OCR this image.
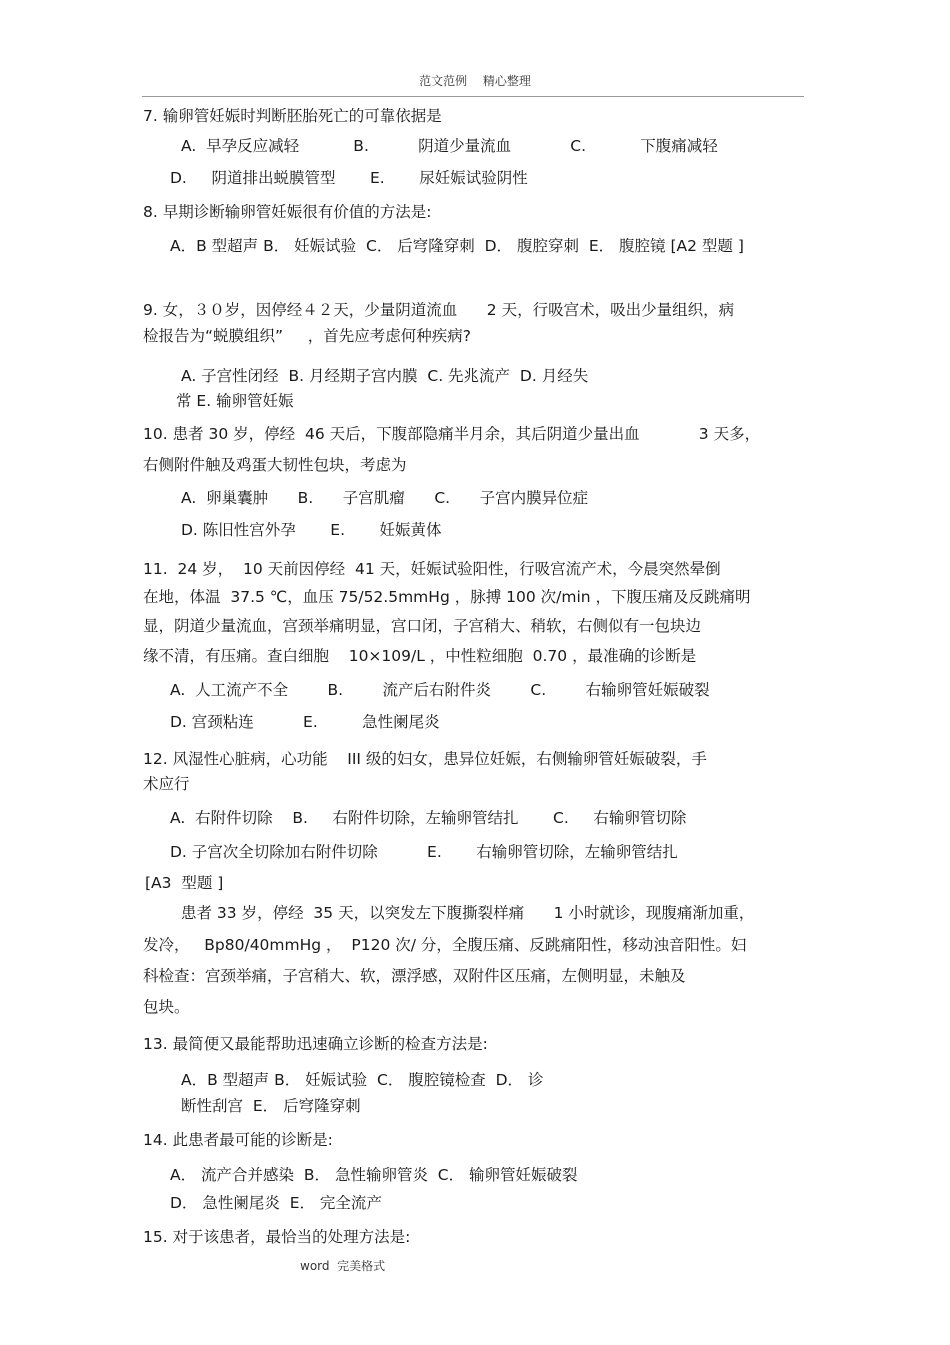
范文范例 精心整理
7. 输卵管妊娠时判断胚胎死亡的可靠依据是
A.  早孕反应减轻           B.          阴道少量流血            C.           下腹痛减轻
D.     阴道排出蜕膜管型       E.       尿妊娠试验阴性
8. 早期诊断输卵管妊娠很有价值的方法是:
A．B 型超声 B． 妊娠试验  C． 后穹隆穿刺  D． 腹腔穿刺  E． 腹腔镜 [A2 型题 ]
9. 女，３０岁，因停经４２天，少量阴道流血      2 天，行吸宫术，吸出少量组织，病
检报告为“蜕膜组织”     ，首先应考虑何种疾病?
A. 子宫性闭经  B. 月经期子宫内膜  C. 先兆流产  D. 月经失
常 E. 输卵管妊娠
10. 患者 30 岁，停经  46 天后，下腹部隐痛半月余，其后阴道少量出血            3 天多，
右侧附件触及鸡蛋大韧性包块，考虑为
A.  卵巢囊肿      B.      子宫肌瘤      C.      子宫内膜异位症
D. 陈旧性宫外孕       E.       妊娠黄体
11.  24 岁，  10 天前因停经  41 天，妊娠试验阳性，行吸宫流产术，今晨突然晕倒
在地，体温  37.5 ℃，血压 75/52.5mmHg ，脉搏 100 次/min ，下腹压痛及反跳痛明
显，阴道少量流血，宫颈举痛明显，宫口闭，子宫稍大、稍软，右侧似有一包块边
缘不清，有压痛。查白细胞    10×109/L ，中性粒细胞  0.70 ，最准确的诊断是
A.  人工流产不全        B.        流产后右附件炎        C.        右输卵管妊娠破裂
D. 宫颈粘连          E.         急性阑尾炎
12. 风湿性心脏病，心功能    III 级的妇女，患异位妊娠，右侧输卵管妊娠破裂，手
术应行
A.  右附件切除    B.     右附件切除，左输卵管结扎       C.     右输卵管切除
D. 子宫次全切除加右附件切除          E.       右输卵管切除，左输卵管结扎
[A3  型题 ]
患者 33 岁，停经  35 天，以突发左下腹撕裂样痛      1 小时就诊，现腹痛渐加重，
发冷，   Bp80/40mmHg ，  P120 次/ 分，全腹压痛、反跳痛阳性，移动浊音阳性。妇
科检查：宫颈举痛，子宫稍大、软，漂浮感，双附件区压痛，左侧明显，未触及
包块。
13. 最简便又最能帮助迅速确立诊断的检查方法是:
A．B 型超声 B． 妊娠试验  C． 腹腔镜检查  D． 诊
断性刮宫  E． 后穹隆穿刺
14. 此患者最可能的诊断是:
A． 流产合并感染  B． 急性输卵管炎  C． 输卵管妊娠破裂
D． 急性阑尾炎  E． 完全流产
15. 对于该患者，最恰当的处理方法是:
word  完美格式
